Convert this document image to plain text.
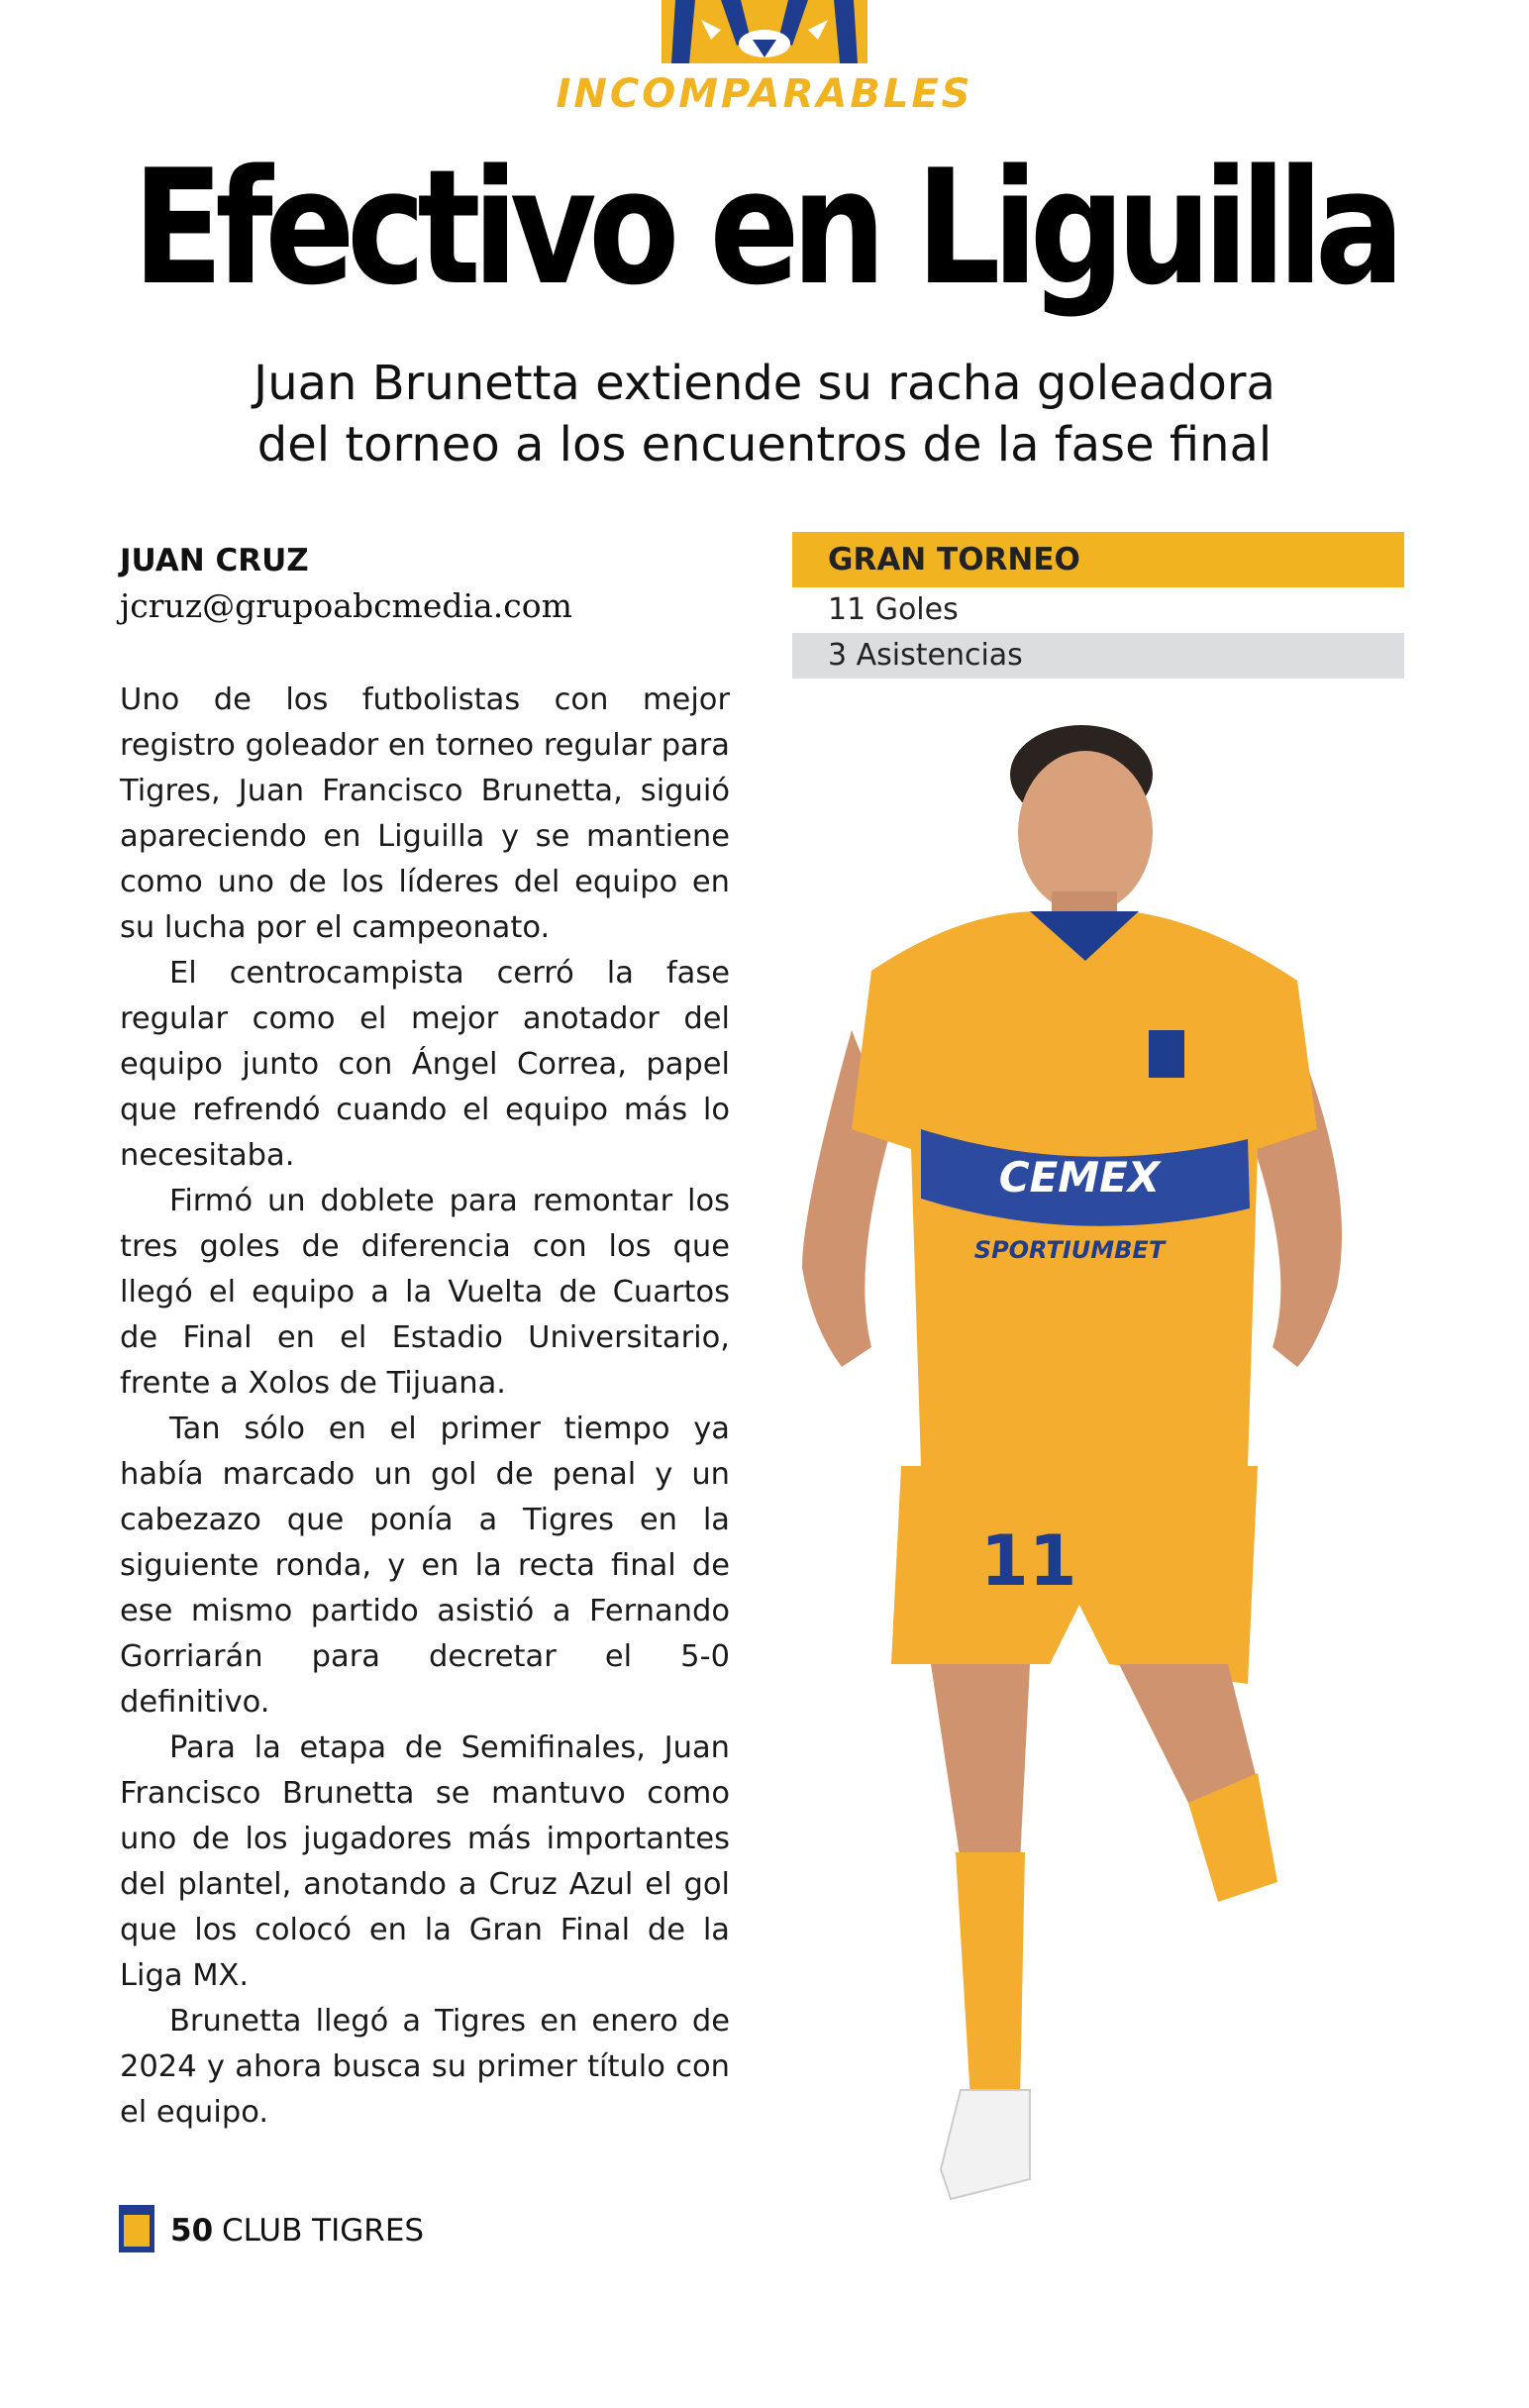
INCOMPARABLES
Efectivo en Liguilla
Juan Brunetta extiende su racha goleadora
del torneo a los encuentros de la fase final
JUAN CRUZ
jcruz@grupoabcmedia.com

Uno de los futbolistas con mejor registro goleador en torneo regular para Tigres, Juan Francisco Brunetta, siguió apareciendo en Liguilla y se mantiene como uno de los líderes del equipo en su lucha por el campeonato.

El centrocampista cerró la fase regular como el mejor anotador del equipo junto con Ángel Correa, papel que refrendó cuando el equipo más lo necesitaba.

Firmó un doblete para remontar los tres goles de diferencia con los que llegó el equipo a la Vuelta de Cuartos de Final en el Estadio Universitario, frente a Xolos de Tijuana.

Tan sólo en el primer tiempo ya había marcado un gol de penal y un cabezazo que ponía a Tigres en la siguiente ronda, y en la recta final de ese mismo partido asistió a Fernando Gorriarán para decretar el 5-0 definitivo.

Para la etapa de Semifinales, Juan Francisco Brunetta se mantuvo como uno de los jugadores más importantes del plantel, anotando a Cruz Azul el gol que los colocó en la Gran Final de la Liga MX.

Brunetta llegó a Tigres en enero de 2024 y ahora busca su primer título con el equipo.

GRAN TORNEO
11 Goles
3 Asistencias
CEMEX
SPORTIUMBET
11
50 CLUB TIGRES
